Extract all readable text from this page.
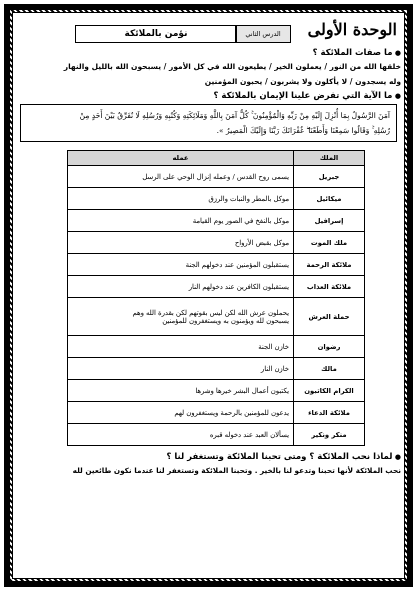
الوحدة الأولى
الدرس الثاني
نؤمن بالملائكة
● ما صفات الملائكة ؟
خلقها الله من النور / يعملون الخير / يطيعون الله في كل الأمور / يسبحون الله بالليل والنهار
وله يسجدون / لا يأكلون ولا يشربون / يحبون المؤمنين
● ما الآية التي تفرض علينا الإيمان بالملائكة ؟
آمَنَ الرَّسُولُ بِمَا أُنْزِلَ إِلَيْهِ مِنْ رَبِّهِ وَالْمُؤْمِنُونَ ۚ كُلٌّ آمَنَ بِاللَّهِ وَمَلَائِكَتِهِ وَكُتُبِهِ وَرُسُلِهِ لَا نُفَرِّقُ بَيْنَ أَحَدٍ مِنْ
رُسُلِهِ ۚ وَقَالُوا سَمِعْنَا وَأَطَعْنَا ۖ غُفْرَانَكَ رَبَّنَا وَإِلَيْكَ الْمَصِيرُ ».
الملك	عمله
جبريل	يسمى روح القدس / وعمله إنزال الوحي على الرسل
ميكائيل	موكل بالمطر والنبات والرزق
إسرافيل	موكل بالنفخ في الصور يوم القيامة
ملك الموت	موكل بقبض الأرواح
ملائكة الرحمة	يستقبلون المؤمنين عند دخولهم الجنة
ملائكة العذاب	يستقبلون الكافرين عند دخولهم النار
حملة العرش	يحملون عرش الله لكن ليس بقوتهم لكن بقدرة الله وهم
يسبحون لله ويؤمنون به ويستغفرون للمؤمنين

رضوان	خازن الجنة
مالك	خازن النار
الكرام الكاتبون	يكتبون أعمال البشر خيرها وشرها
ملائكة الدعاء	يدعون للمؤمنين بالرحمة ويستغفرون لهم
منكر ونكير	يسألان العبد عند دخوله قبره
● لماذا نحب الملائكة ؟ ومتى تحبنا الملائكة وتستغفر لنا ؟
نحب الملائكة لأنها تحبنا وتدعو لنا بالخير . وتحبنا الملائكة وتستغفر لنا عندما نكون طائعين لله
